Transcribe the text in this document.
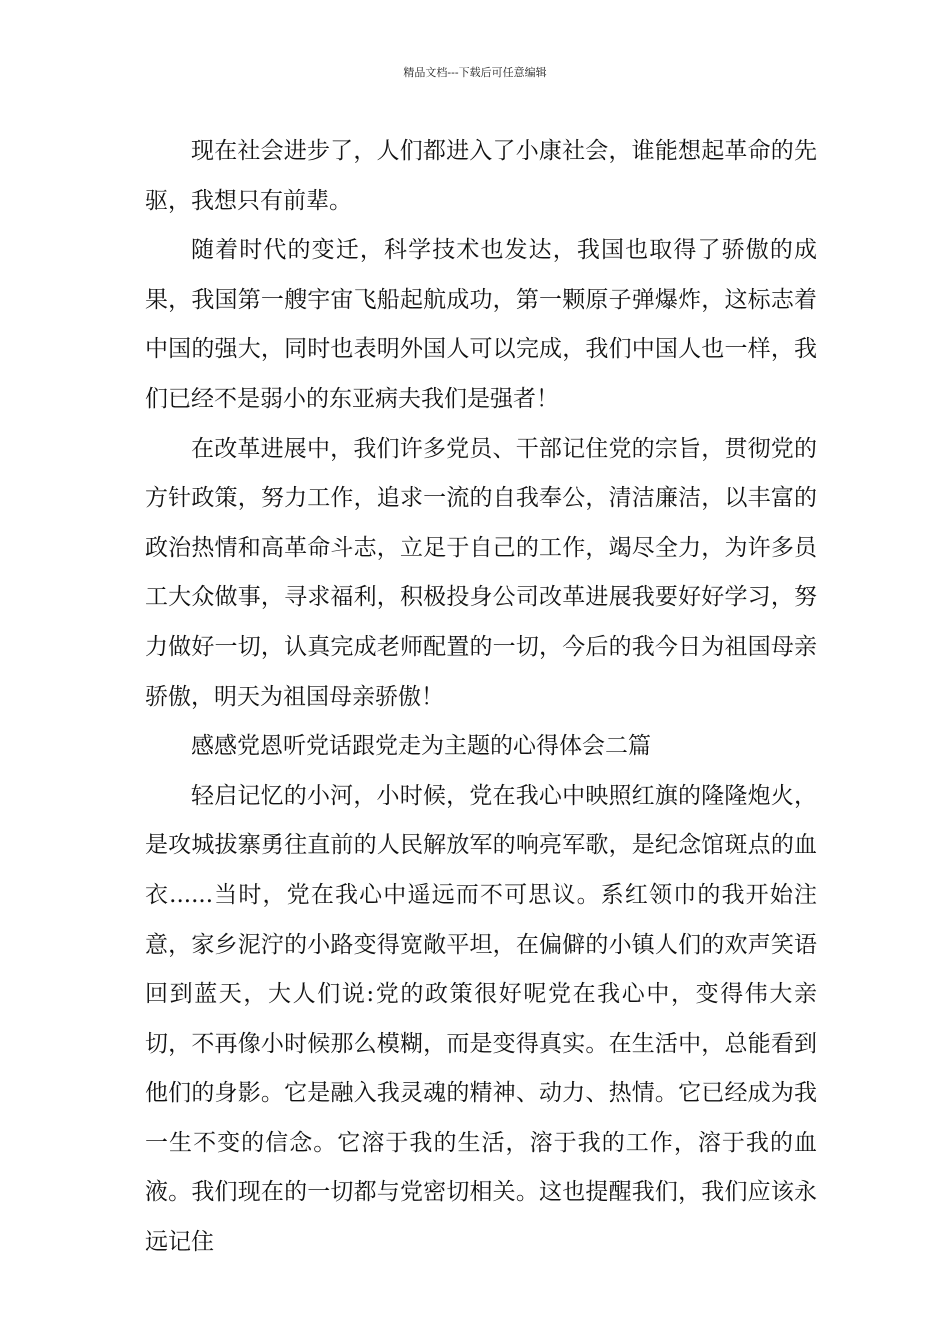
精品文档---下载后可任意编辑

现在社会进步了，人们都进入了小康社会，谁能想起革命的先驱，我想只有前辈。

随着时代的变迁，科学技术也发达，我国也取得了骄傲的成果，我国第一艘宇宙飞船起航成功，第一颗原子弹爆炸，这标志着中国的强大，同时也表明外国人可以完成，我们中国人也一样，我们已经不是弱小的东亚病夫我们是强者！

在改革进展中，我们许多党员、干部记住党的宗旨，贯彻党的方针政策，努力工作，追求一流的自我奉公，清洁廉洁，以丰富的政治热情和高革命斗志，立足于自己的工作，竭尽全力，为许多员工大众做事，寻求福利，积极投身公司改革进展我要好好学习，努力做好一切，认真完成老师配置的一切，今后的我今日为祖国母亲骄傲，明天为祖国母亲骄傲！

感感党恩听党话跟党走为主题的心得体会二篇

轻启记忆的小河，小时候，党在我心中映照红旗的隆隆炮火，是攻城拔寨勇往直前的人民解放军的响亮军歌，是纪念馆斑点的血衣......当时，党在我心中遥远而不可思议。系红领巾的我开始注意，家乡泥泞的小路变得宽敞平坦，在偏僻的小镇人们的欢声笑语回到蓝天，大人们说:党的政策很好呢党在我心中，变得伟大亲切，不再像小时候那么模糊，而是变得真实。在生活中，总能看到他们的身影。它是融入我灵魂的精神、动力、热情。它已经成为我一生不变的信念。它溶于我的生活，溶于我的工作，溶于我的血液。我们现在的一切都与党密切相关。这也提醒我们，我们应该永远记住
